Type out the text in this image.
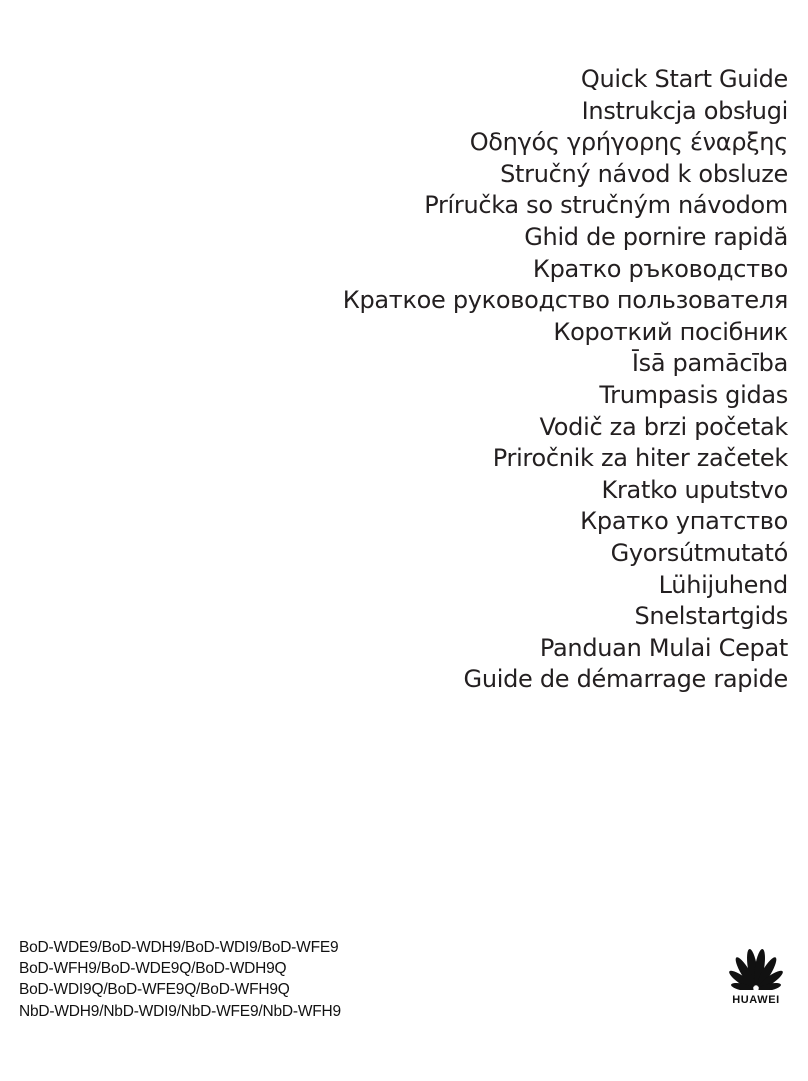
Quick Start Guide
Instrukcja obsługi
Οδηγός γρήγορης έναρξης
Stručný návod k obsluze
Príručka so stručným návodom
Ghid de pornire rapidă
Кратко ръководство
Краткое руководство пользователя
Короткий посібник
Īsā pamācība
Trumpasis gidas
Vodič za brzi početak
Priročnik za hiter začetek
Kratko uputstvo
Кратко упатство
Gyorsútmutató
Lühijuhend
Snelstartgids
Panduan Mulai Cepat
Guide de démarrage rapide
BoD-WDE9/BoD-WDH9/BoD-WDI9/BoD-WFE9
BoD-WFH9/BoD-WDE9Q/BoD-WDH9Q
BoD-WDI9Q/BoD-WFE9Q/BoD-WFH9Q
NbD-WDH9/NbD-WDI9/NbD-WFE9/NbD-WFH9
HUAWEI
